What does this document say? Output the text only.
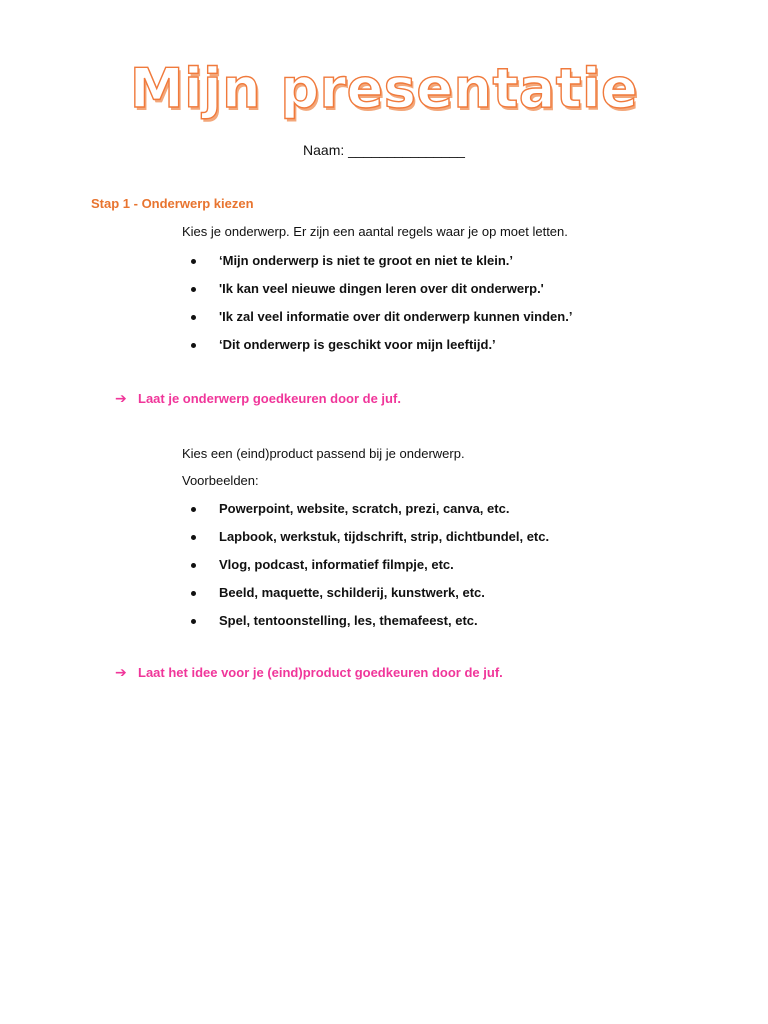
Mijn presentatie
Naam: _______________
Stap 1 - Onderwerp kiezen
Kies je onderwerp. Er zijn een aantal regels waar je op moet letten.
‘Mijn onderwerp is niet te groot en niet te klein.’
'Ik kan veel nieuwe dingen leren over dit onderwerp.'
'Ik zal veel informatie over dit onderwerp kunnen vinden.’
‘Dit onderwerp is geschikt voor mijn leeftijd.’
➔ Laat je onderwerp goedkeuren door de juf.
Kies een (eind)product passend bij je onderwerp.
Voorbeelden:
Powerpoint, website, scratch, prezi, canva, etc.
Lapbook, werkstuk, tijdschrift, strip, dichtbundel, etc.
Vlog, podcast, informatief filmpje, etc.
Beeld, maquette, schilderij, kunstwerk, etc.
Spel, tentoonstelling, les, themafeest, etc.
➔ Laat het idee voor je (eind)product goedkeuren door de juf.
